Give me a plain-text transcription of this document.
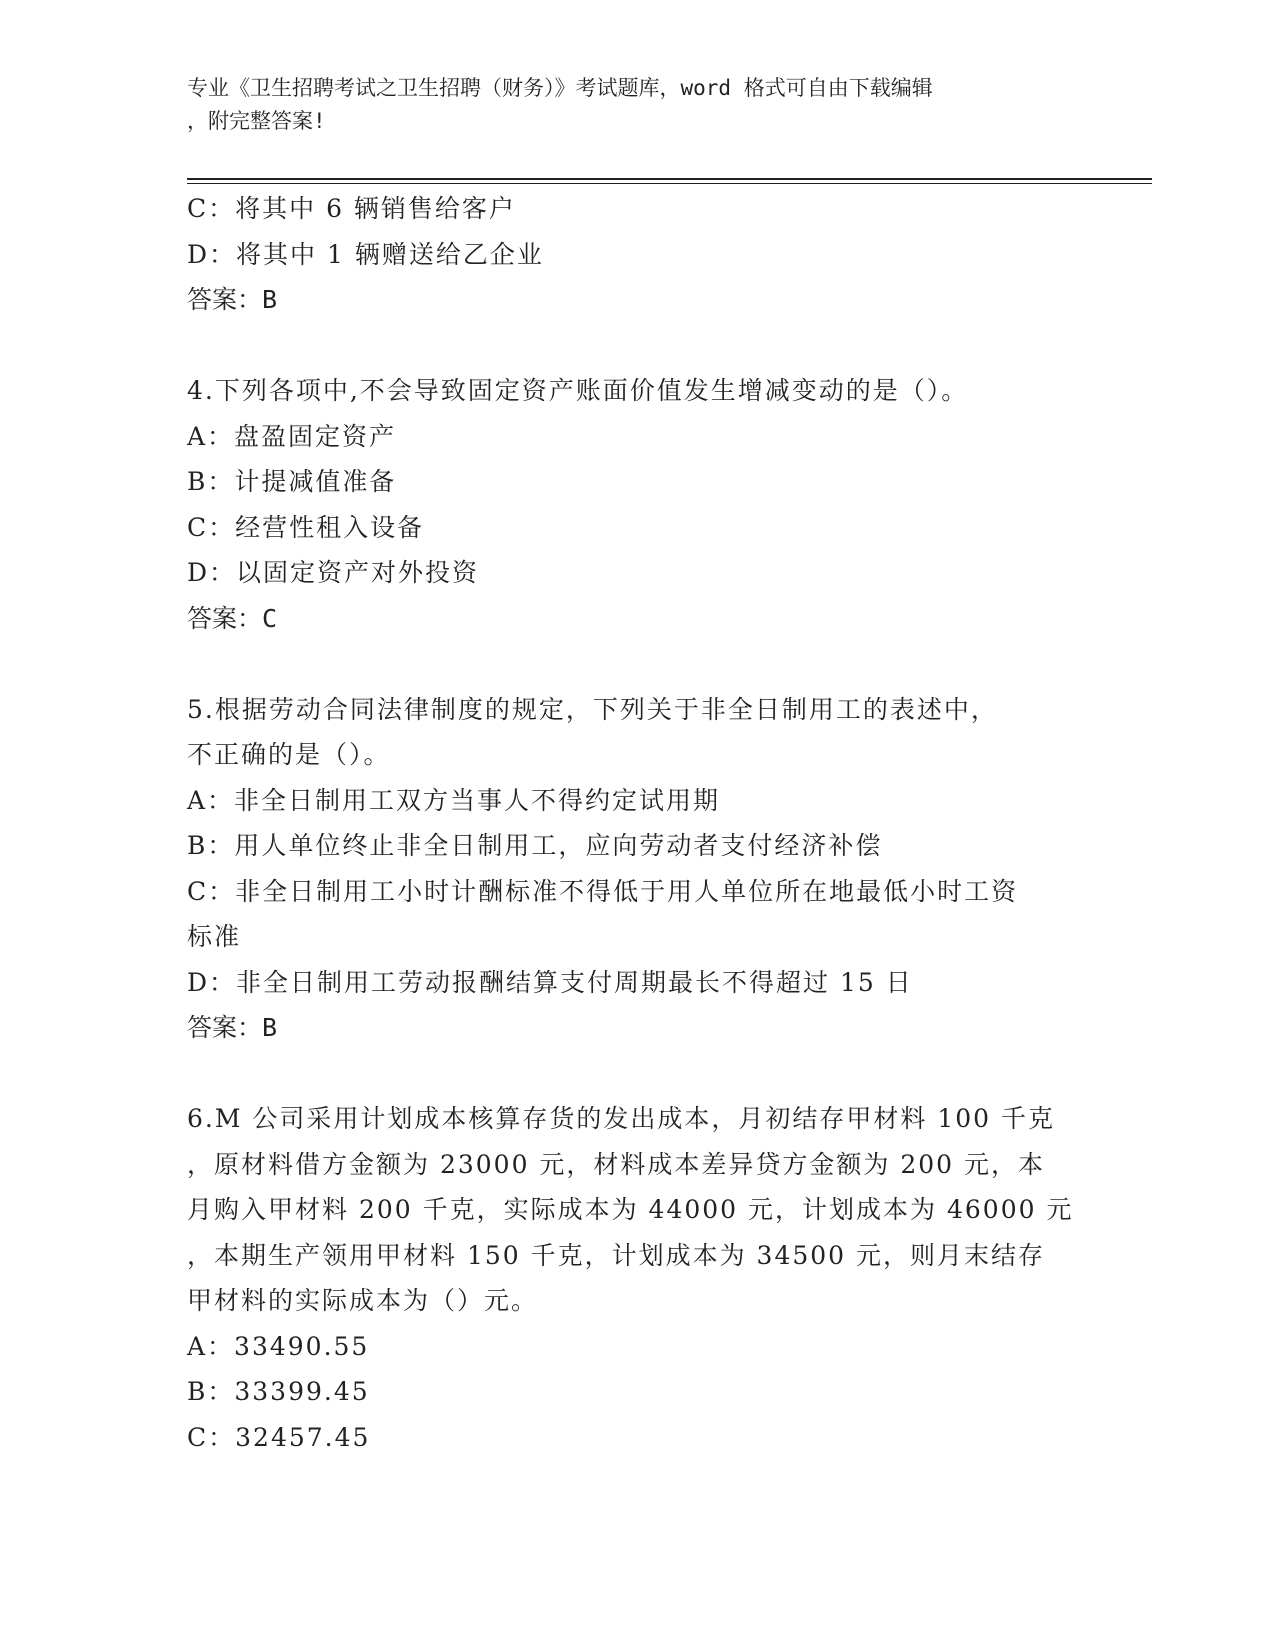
专业《卫生招聘考试之卫生招聘（财务）》考试题库，word 格式可自由下载编辑
，附完整答案!
C：将其中 6 辆销售给客户
D：将其中 1 辆赠送给乙企业
答案：B
4.下列各项中,不会导致固定资产账面价值发生增减变动的是（）。
A：盘盈固定资产
B：计提减值准备
C：经营性租入设备
D：以固定资产对外投资
答案：C
5.根据劳动合同法律制度的规定，下列关于非全日制用工的表述中，
不正确的是（）。
A：非全日制用工双方当事人不得约定试用期
B：用人单位终止非全日制用工，应向劳动者支付经济补偿
C：非全日制用工小时计酬标准不得低于用人单位所在地最低小时工资
标准
D：非全日制用工劳动报酬结算支付周期最长不得超过 15 日
答案：B
6.M 公司采用计划成本核算存货的发出成本，月初结存甲材料 100 千克
，原材料借方金额为 23000 元，材料成本差异贷方金额为 200 元，本
月购入甲材料 200 千克，实际成本为 44000 元，计划成本为 46000 元
，本期生产领用甲材料 150 千克，计划成本为 34500 元，则月末结存
甲材料的实际成本为（）元。
A：33490.55
B：33399.45
C：32457.45
